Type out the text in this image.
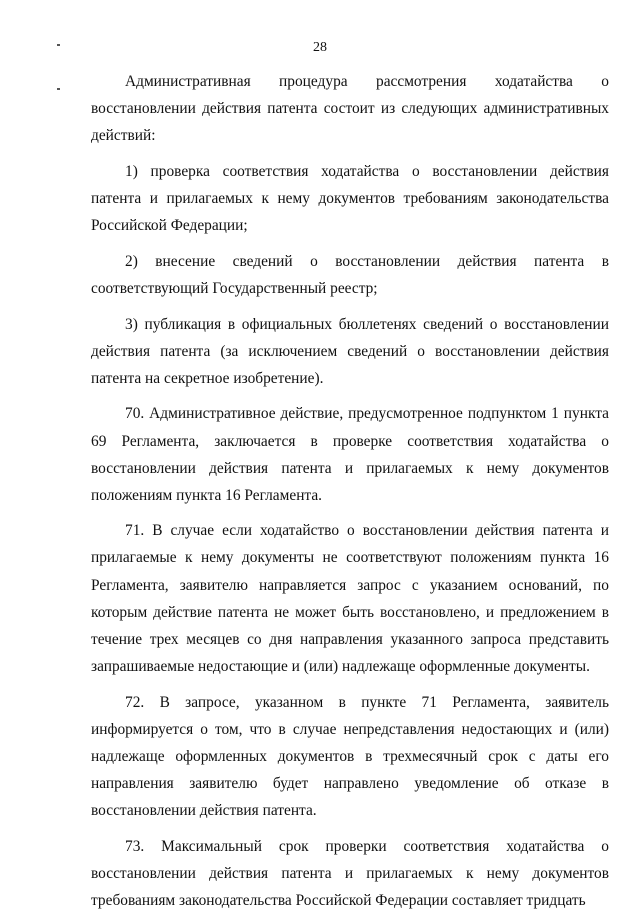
28

Административная процедура рассмотрения ходатайства о восстановлении действия патента состоит из следующих административных действий:

1) проверка соответствия ходатайства о восстановлении действия патента и прилагаемых к нему документов требованиям законодательства Российской Федерации;

2) внесение сведений о восстановлении действия патента в соответствующий Государственный реестр;

3) публикация в официальных бюллетенях сведений о восстановлении действия патента (за исключением сведений о восстановлении действия патента на секретное изобретение).

70. Административное действие, предусмотренное подпунктом 1 пункта 69 Регламента, заключается в проверке соответствия ходатайства о восстановлении действия патента и прилагаемых к нему документов положениям пункта 16 Регламента.

71. В случае если ходатайство о восстановлении действия патента и прилагаемые к нему документы не соответствуют положениям пункта 16 Регламента, заявителю направляется запрос с указанием оснований, по которым действие патента не может быть восстановлено, и предложением в течение трех месяцев со дня направления указанного запроса представить запрашиваемые недостающие и (или) надлежаще оформленные документы.

72. В запросе, указанном в пункте 71 Регламента, заявитель информируется о том, что в случае непредставления недостающих и (или) надлежаще оформленных документов в трехмесячный срок с даты его направления заявителю будет направлено уведомление об отказе в восстановлении действия патента.

73. Максимальный срок проверки соответствия ходатайства о восстановлении действия патента и прилагаемых к нему документов требованиям законодательства Российской Федерации составляет тридцать
